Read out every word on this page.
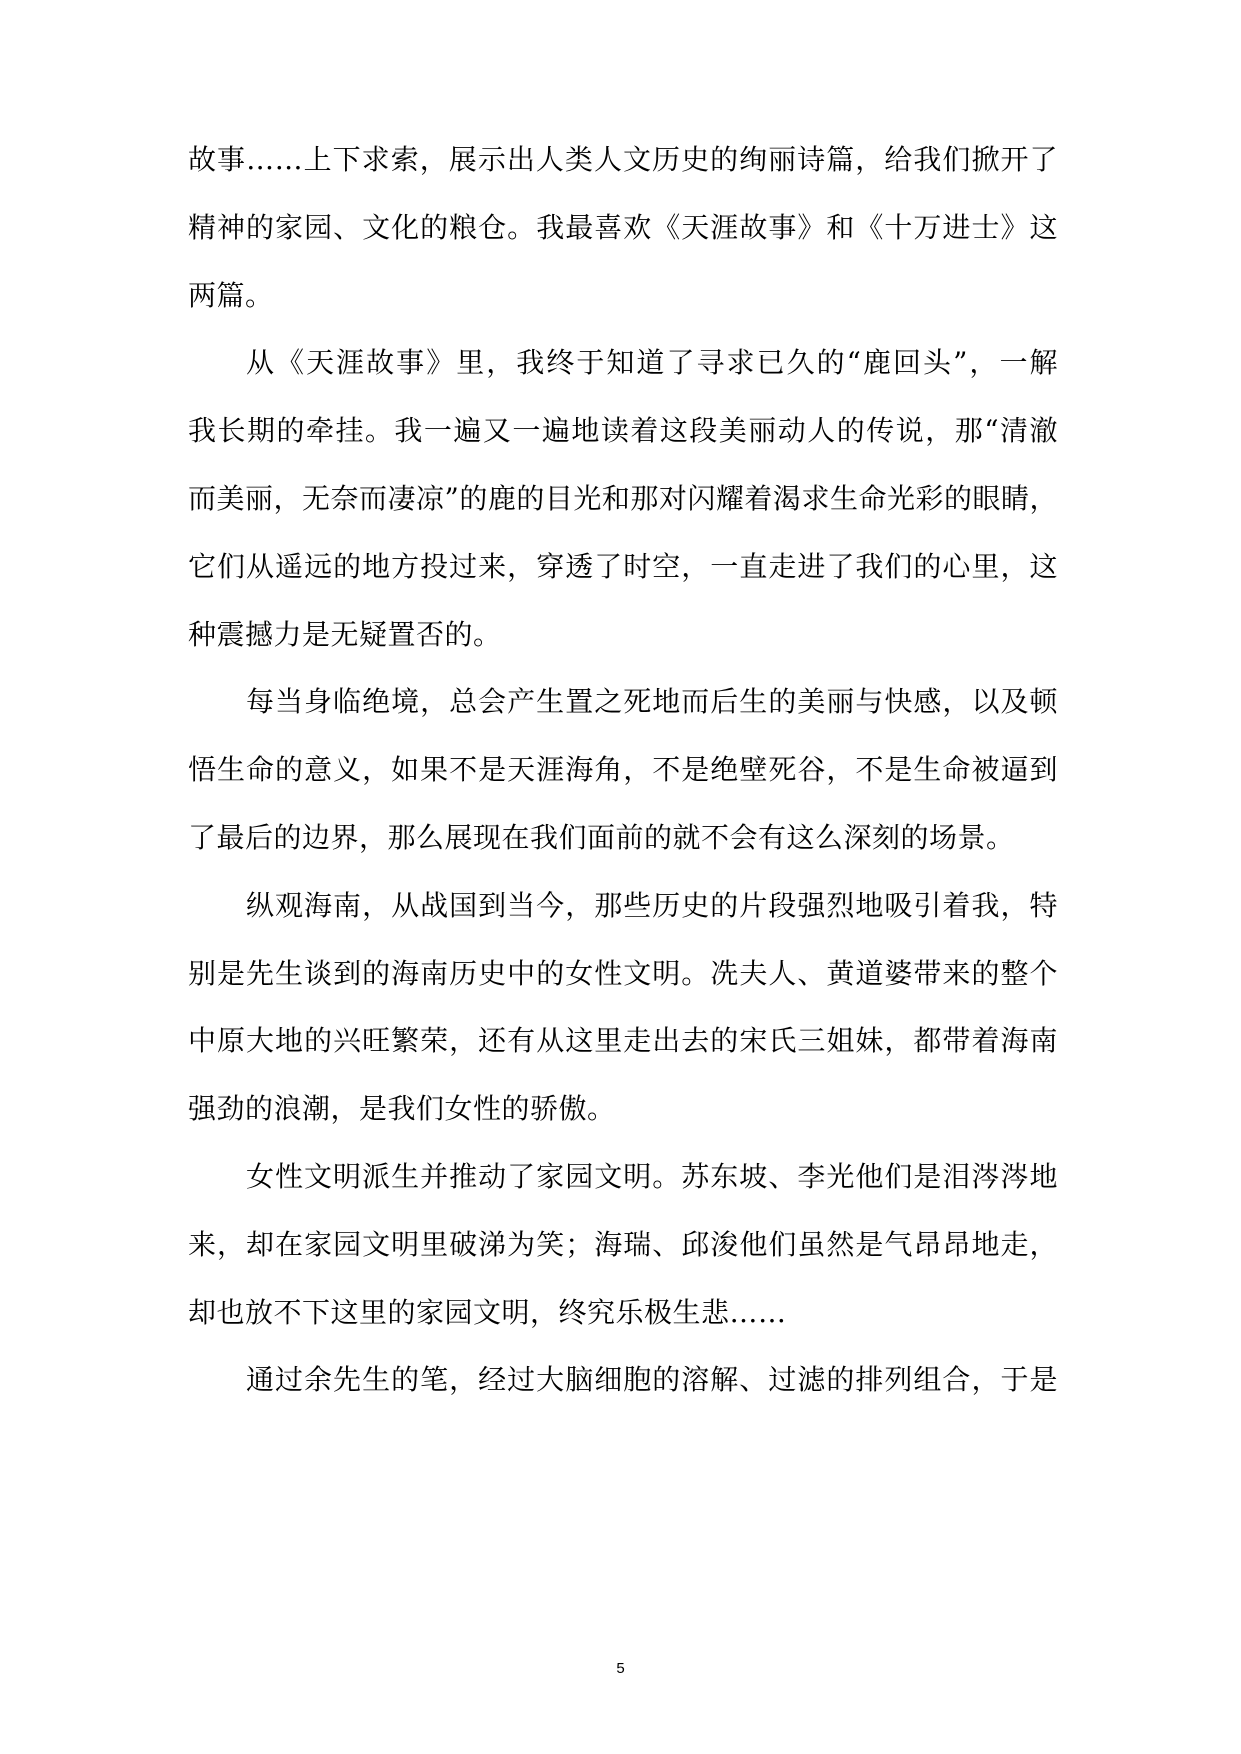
故事……上下求索，展示出人类人文历史的绚丽诗篇，给我们掀开了
精神的家园、文化的粮仓。我最喜欢《天涯故事》和《十万进士》这
两篇。
从《天涯故事》里，我终于知道了寻求已久的“鹿回头”，一解
我长期的牵挂。我一遍又一遍地读着这段美丽动人的传说，那“清澈
而美丽，无奈而凄凉”的鹿的目光和那对闪耀着渴求生命光彩的眼睛，
它们从遥远的地方投过来，穿透了时空，一直走进了我们的心里，这
种震撼力是无疑置否的。
每当身临绝境，总会产生置之死地而后生的美丽与快感，以及顿
悟生命的意义，如果不是天涯海角，不是绝壁死谷，不是生命被逼到
了最后的边界，那么展现在我们面前的就不会有这么深刻的场景。
纵观海南，从战国到当今，那些历史的片段强烈地吸引着我，特
别是先生谈到的海南历史中的女性文明。冼夫人、黄道婆带来的整个
中原大地的兴旺繁荣，还有从这里走出去的宋氏三姐妹，都带着海南
强劲的浪潮，是我们女性的骄傲。
女性文明派生并推动了家园文明。苏东坡、李光他们是泪涔涔地
来，却在家园文明里破涕为笑；海瑞、邱浚他们虽然是气昂昂地走，
却也放不下这里的家园文明，终究乐极生悲……
通过余先生的笔，经过大脑细胞的溶解、过滤的排列组合，于是
5
